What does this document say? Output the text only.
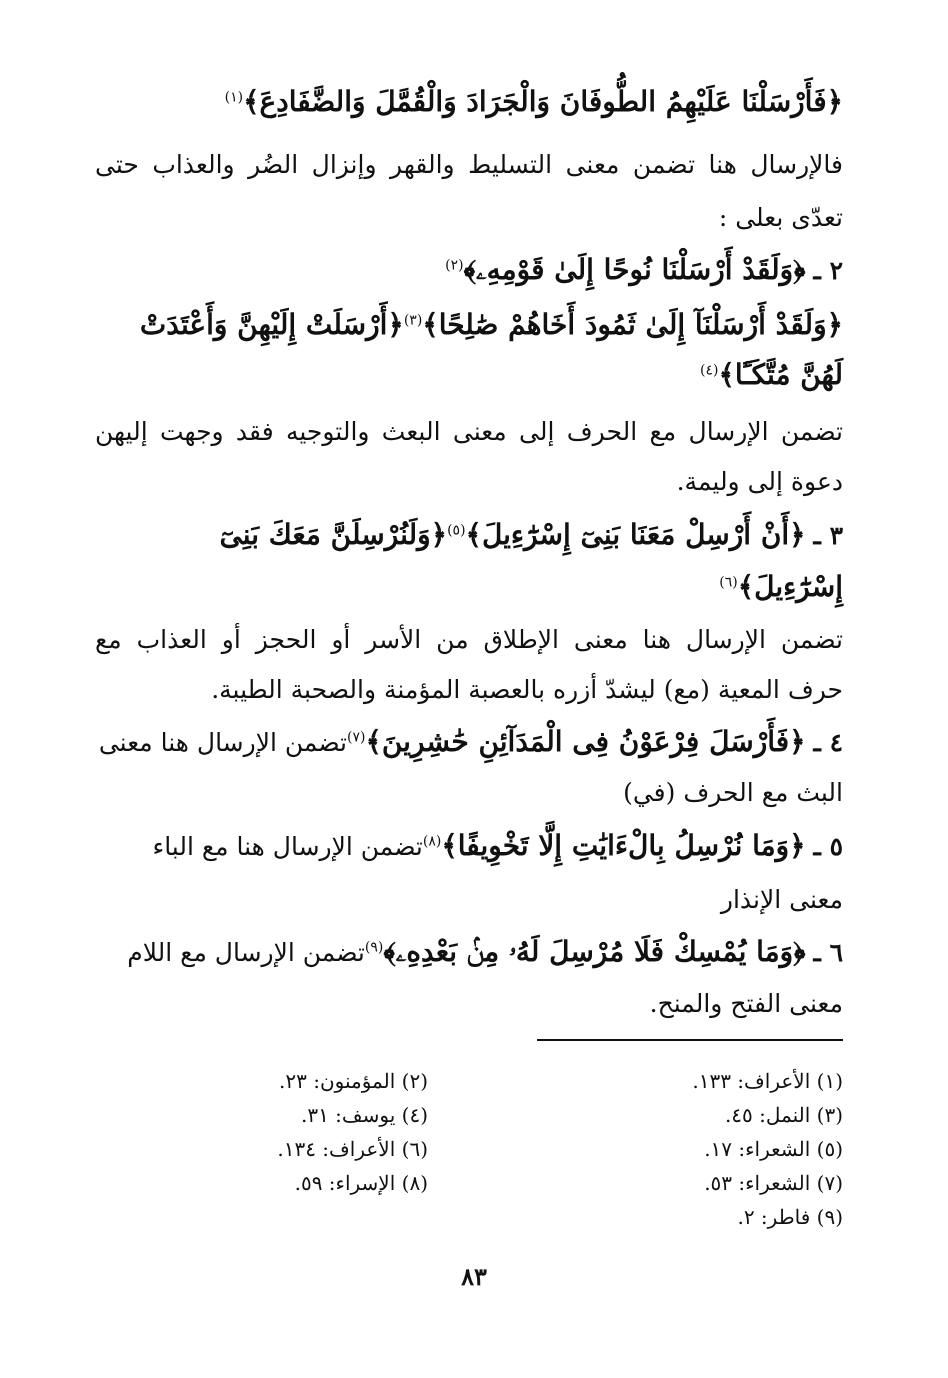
﴿فَأَرْسَلْنَا عَلَيْهِمُ الطُّوفَانَ وَالْجَرَادَ وَالْقُمَّلَ وَالضَّفَادِعَ﴾$^{(١)}$
فالإرسال هنا تضمن معنى التسليط والقهر وإنزال الضُر والعذاب حتى
تعدّى بعلى :
٢ ـ ﴿وَلَقَدْ أَرْسَلْنَا نُوحًا إِلَىٰ قَوْمِهِۦ﴾$^{(٢)}$
﴿وَلَقَدْ أَرْسَلْنَآ إِلَىٰ ثَمُودَ أَخَاهُمْ صَٰلِحًا﴾$^{(٣)}$﴿أَرْسَلَتْ إِلَيْهِنَّ وَأَعْتَدَتْ
لَهُنَّ مُتَّكَـًٔا﴾$^{(٤)}$
تضمن الإرسال مع الحرف إلى معنى البعث والتوجيه فقد وجهت إليهن
دعوة إلى وليمة.
٣ ـ ﴿أَنْ أَرْسِلْ مَعَنَا بَنِىٓ إِسْرَٰٓءِيلَ﴾$^{(٥)}$﴿وَلَنُرْسِلَنَّ مَعَكَ بَنِىٓ
إِسْرَٰٓءِيلَ﴾$^{(٦)}$
تضمن الإرسال هنا معنى الإطلاق من الأسر أو الحجز أو العذاب مع
حرف المعية (مع) ليشدّ أزره بالعصبة المؤمنة والصحبة الطيبة.
٤ ـ ﴿فَأَرْسَلَ فِرْعَوْنُ فِى الْمَدَآئِنِ حَٰشِرِينَ﴾$^{(٧)}$تضمن الإرسال هنا معنى
البث مع الحرف (في)
٥ ـ ﴿وَمَا نُرْسِلُ بِالْءَايَٰتِ إِلَّا تَخْوِيفًا﴾$^{(٨)}$تضمن الإرسال هنا مع الباء
معنى الإنذار
٦ ـ ﴿وَمَا يُمْسِكْ فَلَا مُرْسِلَ لَهُۥ مِنۢ بَعْدِهِۦ﴾$^{(٩)}$تضمن الإرسال مع اللام
معنى الفتح والمنح.
(١) الأعراف: ١٣٣.
(٣) النمل: ٤٥.
(٥) الشعراء: ١٧.
(٧) الشعراء: ٥٣.
(٩) فاطر: ٢.
(٢) المؤمنون: ٢٣.
(٤) يوسف: ٣١.
(٦) الأعراف: ١٣٤.
(٨) الإسراء: ٥٩.
٨٣
